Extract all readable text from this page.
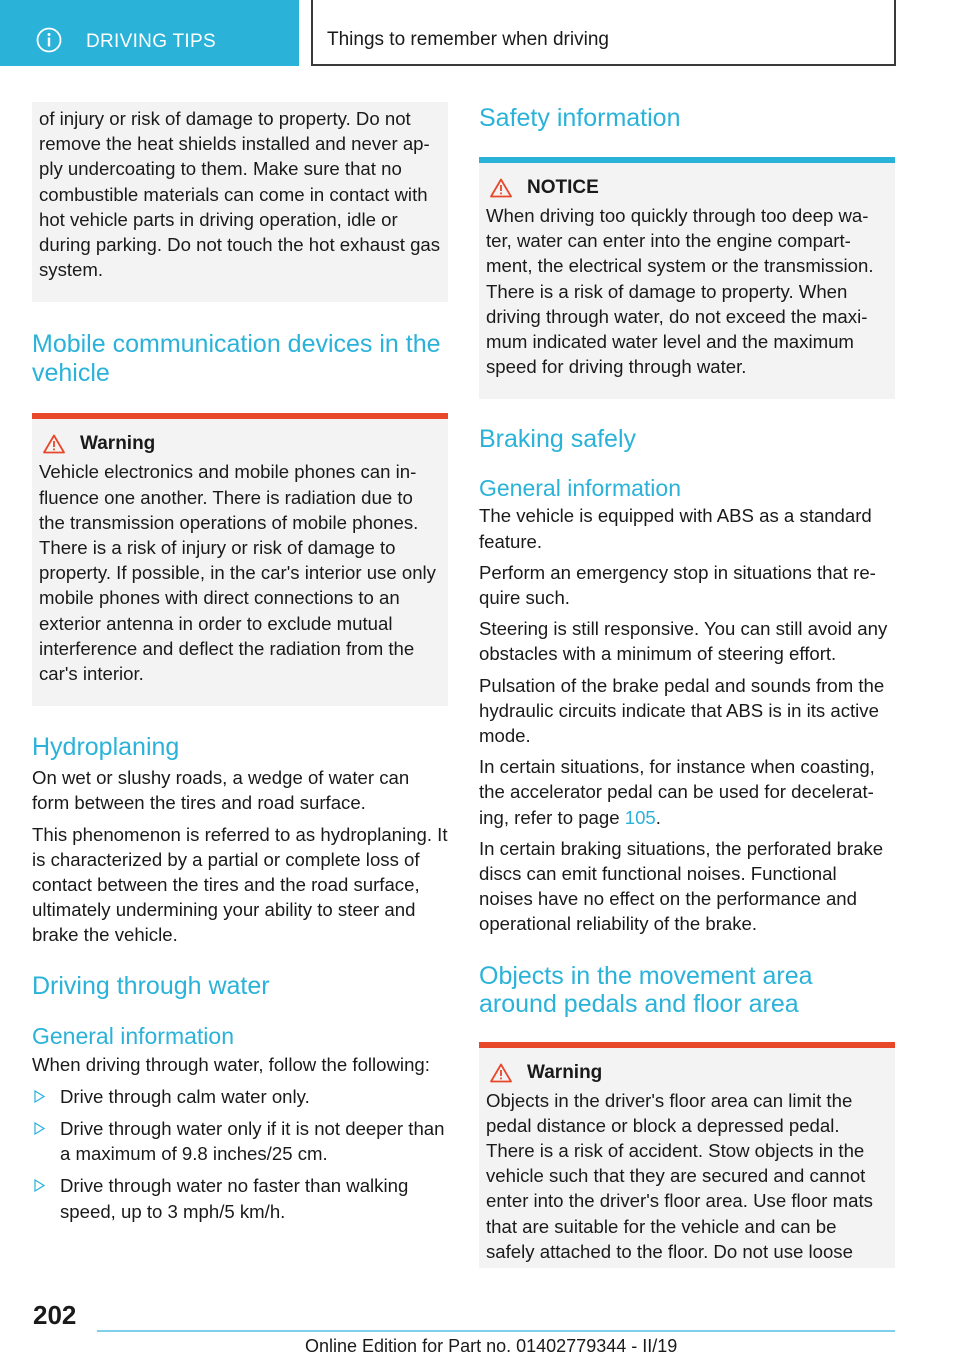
DRIVING TIPS	Things to remember when driving

of injury or risk of damage to property. Do not remove the heat shields installed and never ap-ply undercoating to them. Make sure that no combustible materials can come in contact with hot vehicle parts in driving operation, idle or during parking. Do not touch the hot exhaust gas system.

Mobile communication devices in the vehicle
Warning

Vehicle electronics and mobile phones can in-fluence one another. There is radiation due to the transmission operations of mobile phones. There is a risk of injury or risk of damage to property. If possible, in the car's interior use only mobile phones with direct connections to an exterior antenna in order to exclude mutual interference and deflect the radiation from the car's interior.

Hydroplaning

On wet or slushy roads, a wedge of water can form between the tires and road surface.

This phenomenon is referred to as hydroplaning. It is characterized by a partial or complete loss of contact between the tires and the road surface, ultimately undermining your ability to steer and brake the vehicle.

Driving through water
General information

When driving through water, follow the following:

Drive through calm water only.
Drive through water only if it is not deeper than a maximum of 9.8 inches/25 cm.
Drive through water no faster than walking speed, up to 3 mph/5 km/h.
Safety information
NOTICE

When driving too quickly through too deep wa-ter, water can enter into the engine compart-ment, the electrical system or the transmission. There is a risk of damage to property. When driving through water, do not exceed the maxi-mum indicated water level and the maximum speed for driving through water.

Braking safely
General information

The vehicle is equipped with ABS as a standard feature.

Perform an emergency stop in situations that re-quire such.

Steering is still responsive. You can still avoid any obstacles with a minimum of steering effort.

Pulsation of the brake pedal and sounds from the hydraulic circuits indicate that ABS is in its active mode.

In certain situations, for instance when coasting, the accelerator pedal can be used for decelerat-ing, refer to page 105.

In certain braking situations, the perforated brake discs can emit functional noises. Functional noises have no effect on the performance and operational reliability of the brake.

Objects in the movement area around pedals and floor area
Warning

Objects in the driver's floor area can limit the pedal distance or block a depressed pedal. There is a risk of accident. Stow objects in the vehicle such that they are secured and cannot enter into the driver's floor area. Use floor mats that are suitable for the vehicle and can be safely attached to the floor. Do not use loose

202
Online Edition for Part no. 01402779344 - II/19
